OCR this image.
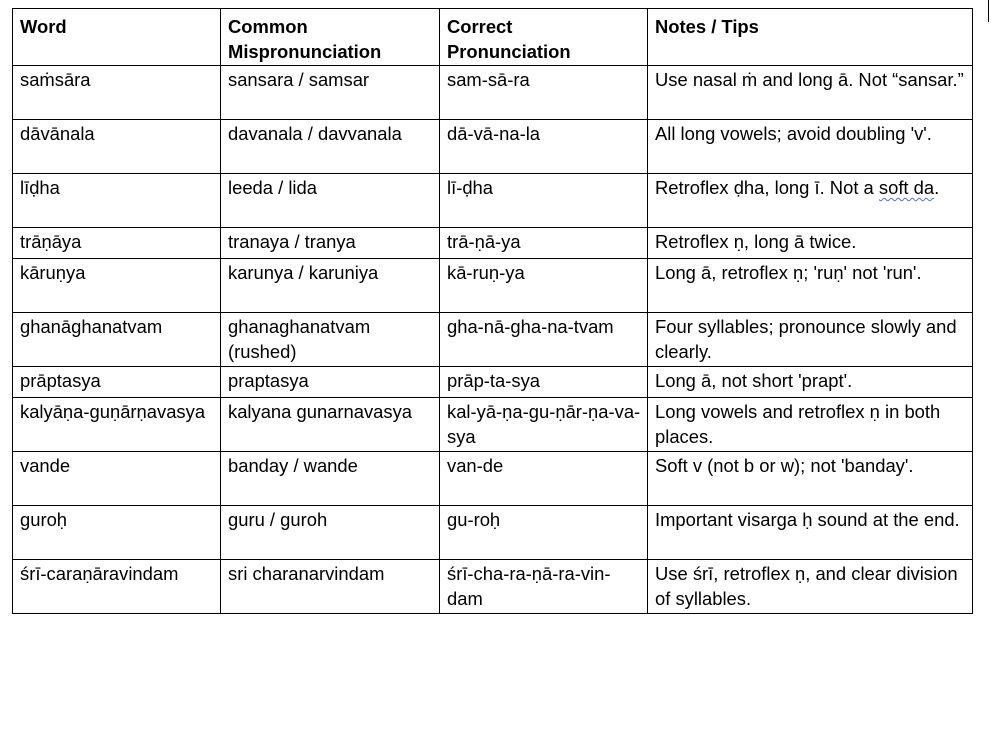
Word	Common Mispronunciation	Correct Pronunciation	Notes / Tips
saṁsāra	sansara / samsar	sam-sā-ra	Use nasal ṁ and long ā. Not “sansar.”
dāvānala	davanala / davvanala	dā-vā-na-la	All long vowels; avoid doubling 'v'.
līḍha	leeda / lida	lī-ḍha	Retroflex ḍha, long ī. Not a soft da.
trāṇāya	tranaya / tranya	trā-ṇā-ya	Retroflex ṇ, long ā twice.
kāruṇya	karunya / karuniya	kā-ruṇ-ya	Long ā, retroflex ṇ; 'ruṇ' not 'run'.
ghanāghanatvam	ghanaghanatvam (rushed)	gha-nā-gha-na-tvam	Four syllables; pronounce slowly and clearly.
prāptasya	praptasya	prāp-ta-sya	Long ā, not short 'prapt'.
kalyāṇa-guṇārṇavasya	kalyana gunarnavasya	kal-yā-ṇa-gu-ṇār-ṇa-va-sya	Long vowels and retroflex ṇ in both places.
vande	banday / wande	van-de	Soft v (not b or w); not 'banday'.
guroḥ	guru / guroh	gu-roḥ	Important visarga ḥ sound at the end.
śrī-caraṇāravindam	sri charanarvindam	śrī-cha-ra-ṇā-ra-vin-dam	Use śrī, retroflex ṇ, and clear division of syllables.
